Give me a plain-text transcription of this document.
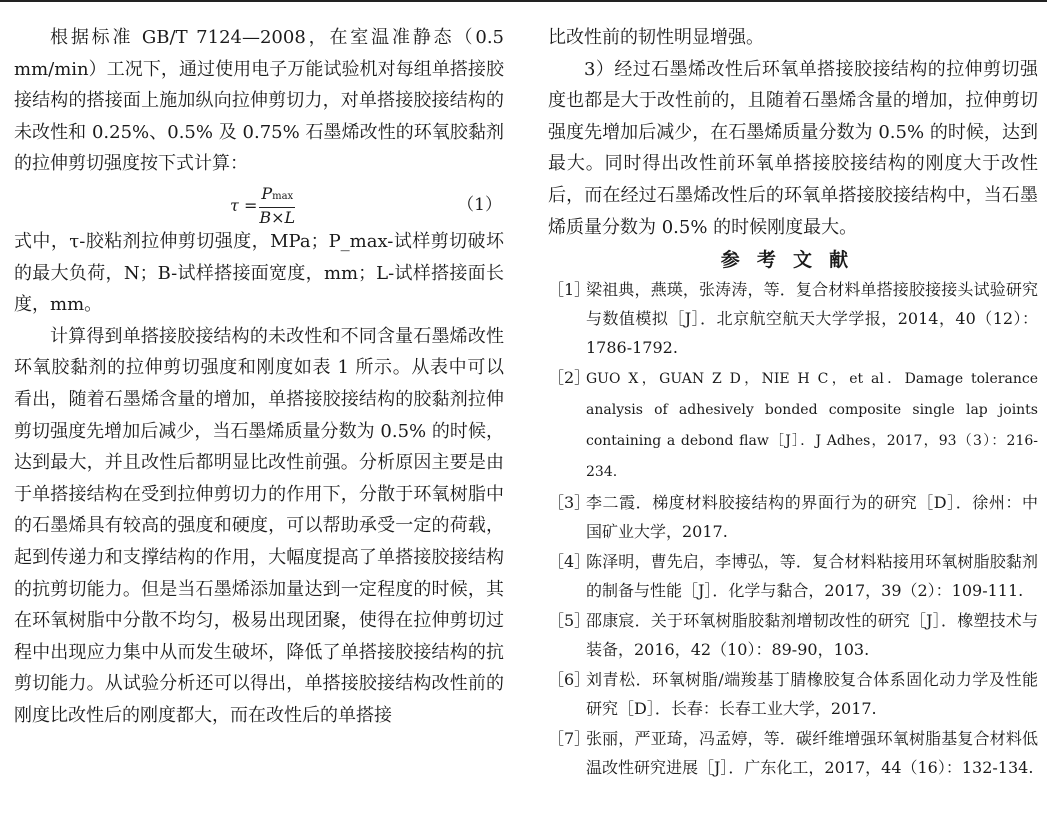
根据标准 GB/T 7124—2008，在室温准静态（0.5 mm/min）工况下，通过使用电子万能试验机对每组单搭接胶接结构的搭接面上施加纵向拉伸剪切力，对单搭接胶接结构的未改性和 0.25%、0.5% 及 0.75% 石墨烯改性的环氧胶黏剂的拉伸剪切强度按下式计算：

$\tau = \frac{Pmax}{B\times L}$	（1）

式中，τ-胶粘剂拉伸剪切强度，MPa；P_max-试样剪切破坏的最大负荷，N；B-试样搭接面宽度，mm；L-试样搭接面长度，mm。

计算得到单搭接胶接结构的未改性和不同含量石墨烯改性环氧胶黏剂的拉伸剪切强度和刚度如表 1 所示。从表中可以看出，随着石墨烯含量的增加，单搭接胶接结构的胶黏剂拉伸剪切强度先增加后减少，当石墨烯质量分数为 0.5% 的时候，达到最大，并且改性后都明显比改性前强。分析原因主要是由于单搭接结构在受到拉伸剪切力的作用下，分散于环氧树脂中的石墨烯具有较高的强度和硬度，可以帮助承受一定的荷载，起到传递力和支撑结构的作用，大幅度提高了单搭接胶接结构的抗剪切能力。但是当石墨烯添加量达到一定程度的时候，其在环氧树脂中分散不均匀，极易出现团聚，使得在拉伸剪切过程中出现应力集中从而发生破坏，降低了单搭接胶接结构的抗剪切能力。从试验分析还可以得出，单搭接胶接结构改性前的刚度比改性后的刚度都大，而在改性后的单搭接

比改性前的韧性明显增强。

3）经过石墨烯改性后环氧单搭接胶接结构的拉伸剪切强度也都是大于改性前的，且随着石墨烯含量的增加，拉伸剪切强度先增加后减少，在石墨烯质量分数为 0.5% 的时候，达到最大。同时得出改性前环氧单搭接胶接结构的刚度大于改性后，而在经过石墨烯改性后的环氧单搭接胶接结构中，当石墨烯质量分数为 0.5% 的时候刚度最大。

参考文献
［1］
梁祖典，燕瑛，张涛涛，等．复合材料单搭接胶接接头试验研究与数值模拟［J］．北京航空航天大学学报，2014，40（12）：1786-1792.
［2］
GUO X，GUAN Z D，NIE H C，et al．Damage tolerance analysis of adhesively bonded composite single lap joints containing a debond flaw［J］．J Adhes，2017，93（3）：216-234.
［3］
李二霞．梯度材料胶接结构的界面行为的研究［D］．徐州：中国矿业大学，2017.
［4］
陈泽明，曹先启，李博弘，等．复合材料粘接用环氧树脂胶黏剂的制备与性能［J］．化学与黏合，2017，39（2）：109-111.
［5］
邵康宸．关于环氧树脂胶黏剂增韧改性的研究［J］．橡塑技术与装备，2016，42（10）：89-90，103.
［6］
刘青松．环氧树脂/端羧基丁腈橡胶复合体系固化动力学及性能研究［D］．长春：长春工业大学，2017.
［7］
张丽，严亚琦，冯孟婷，等．碳纤维增强环氧树脂基复合材料低温改性研究进展［J］．广东化工，2017，44（16）：132-134.
